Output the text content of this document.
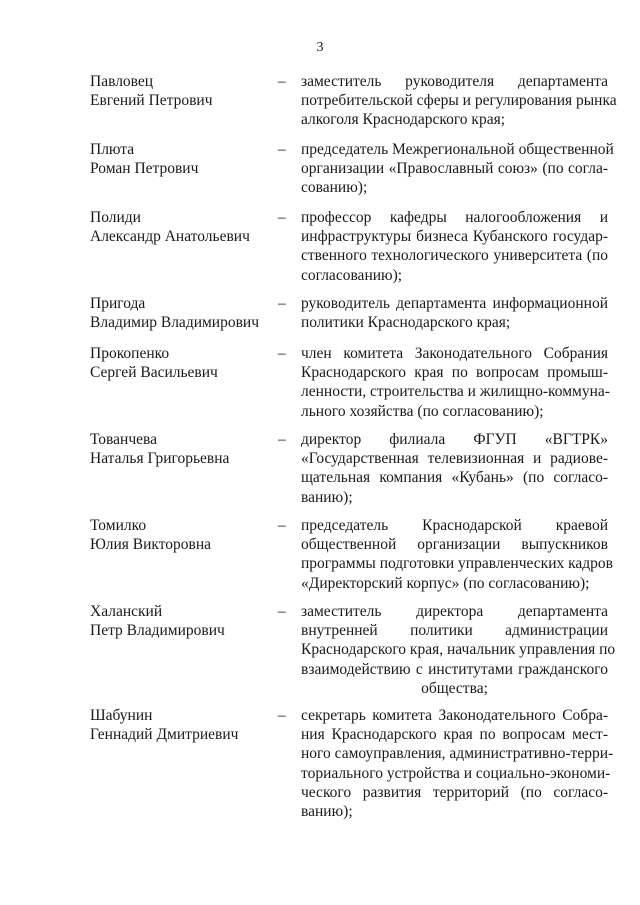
3
Павловец
Евгений Петрович
– заместитель руководителя департамента
потребительской сферы и регулирования рынка
алкоголя Краснодарского края;
Плюта
Роман Петрович
– председатель Межрегиональной общественной
организации «Православный союз» (по согла-
сованию);
Полиди
Александр Анатольевич
– профессор кафедры налогообложения и
инфраструктуры бизнеса Кубанского государ-
ственного технологического университета (по
согласованию);
Пригода
Владимир Владимирович
– руководитель департамента информационной
политики Краснодарского края;
Прокопенко
Сергей Васильевич
– член комитета Законодательного Собрания
Краснодарского края по вопросам промыш-
ленности, строительства и жилищно-коммуна-
льного хозяйства (по согласованию);
Тованчева
Наталья Григорьевна
– директор филиала ФГУП «ВГТРК»
«Государственная телевизионная и радиове-
щательная компания «Кубань» (по согласо-
ванию);
Томилко
Юлия Викторовна
– председатель Краснодарской краевой
общественной организации выпускников
программы подготовки управленческих кадров
«Директорский корпус» (по согласованию);
Халанский
Петр Владимирович
– заместитель директора департамента
внутренней политики администрации
Краснодарского края, начальник управления по
взаимодействию с институтами гражданского
общества;
Шабунин
Геннадий Дмитриевич
– секретарь комитета Законодательного Собра-
ния Краснодарского края по вопросам мест-
ного самоуправления, административно-терри-
ториального устройства и социально-экономи-
ческого развития территорий (по согласо-
ванию);
